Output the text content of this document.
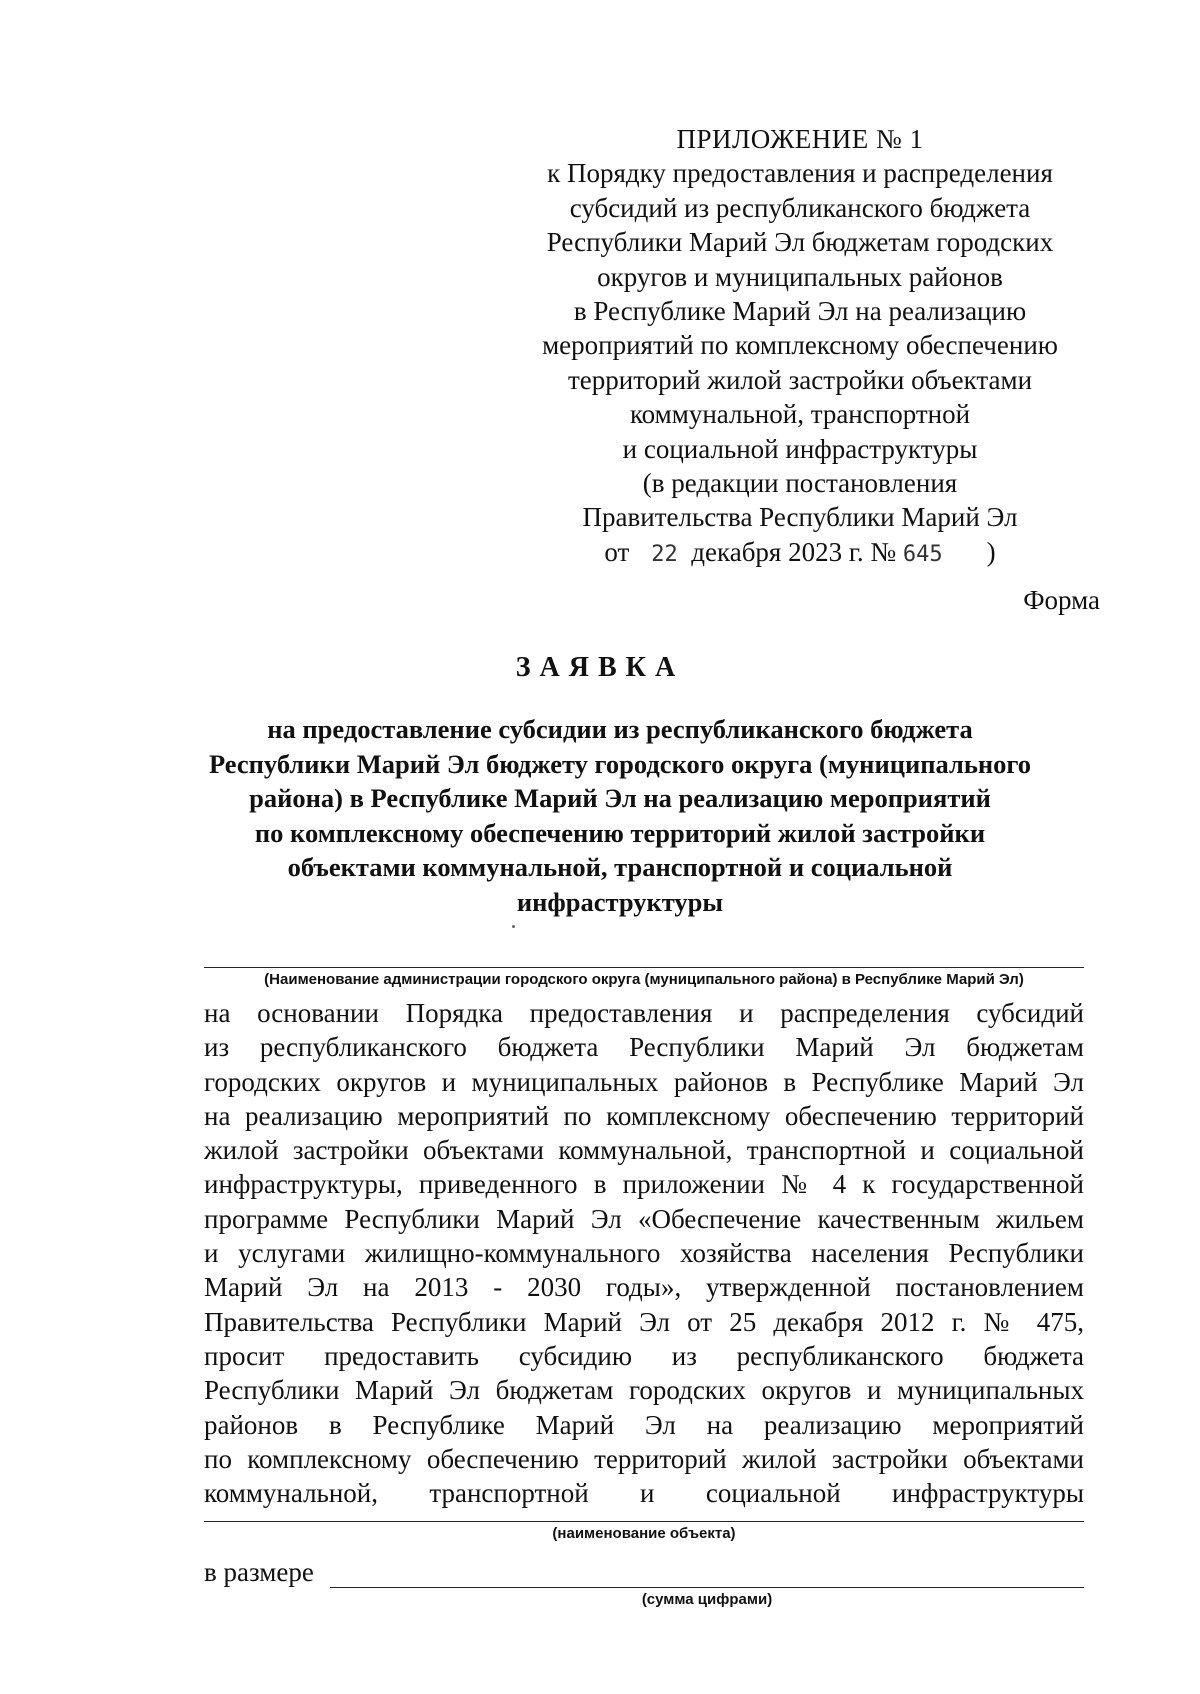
ПРИЛОЖЕНИЕ № 1
к Порядку предоставления и распределения
субсидий из республиканского бюджета
Республики Марий Эл бюджетам городских
округов и муниципальных районов
в Республике Марий Эл на реализацию
мероприятий по комплексному обеспечению
территорий жилой застройки объектами
коммунальной, транспортной
и социальной инфраструктуры
(в редакции постановления
Правительства Республики Марий Эл
от 22 декабря 2023 г. № 645 )
Форма
ЗАЯВКА
на предоставление субсидии из республиканского бюджета
Республики Марий Эл бюджету городского округа (муниципального
района) в Республике Марий Эл на реализацию мероприятий
по комплексному обеспечению территорий жилой застройки
объектами коммунальной, транспортной и социальной
инфраструктуры
(Наименование администрации городского округа (муниципального района) в Республике Марий Эл)
на основании Порядка предоставления и распределения субсидий
из республиканского бюджета Республики Марий Эл бюджетам
городских округов и муниципальных районов в Республике Марий Эл
на реализацию мероприятий по комплексному обеспечению территорий
жилой застройки объектами коммунальной, транспортной и социальной
инфраструктуры, приведенного в приложении № 4 к государственной
программе Республики Марий Эл «Обеспечение качественным жильем
и услугами жилищно-коммунального хозяйства населения Республики
Марий Эл на 2013 - 2030 годы», утвержденной постановлением
Правительства Республики Марий Эл от 25 декабря 2012 г. № 475,
просит предоставить субсидию из республиканского бюджета
Республики Марий Эл бюджетам городских округов и муниципальных
районов в Республике Марий Эл на реализацию мероприятий
по комплексному обеспечению территорий жилой застройки объектами
коммунальной, транспортной и социальной инфраструктуры
(наименование объекта)
в размере
(сумма цифрами)
